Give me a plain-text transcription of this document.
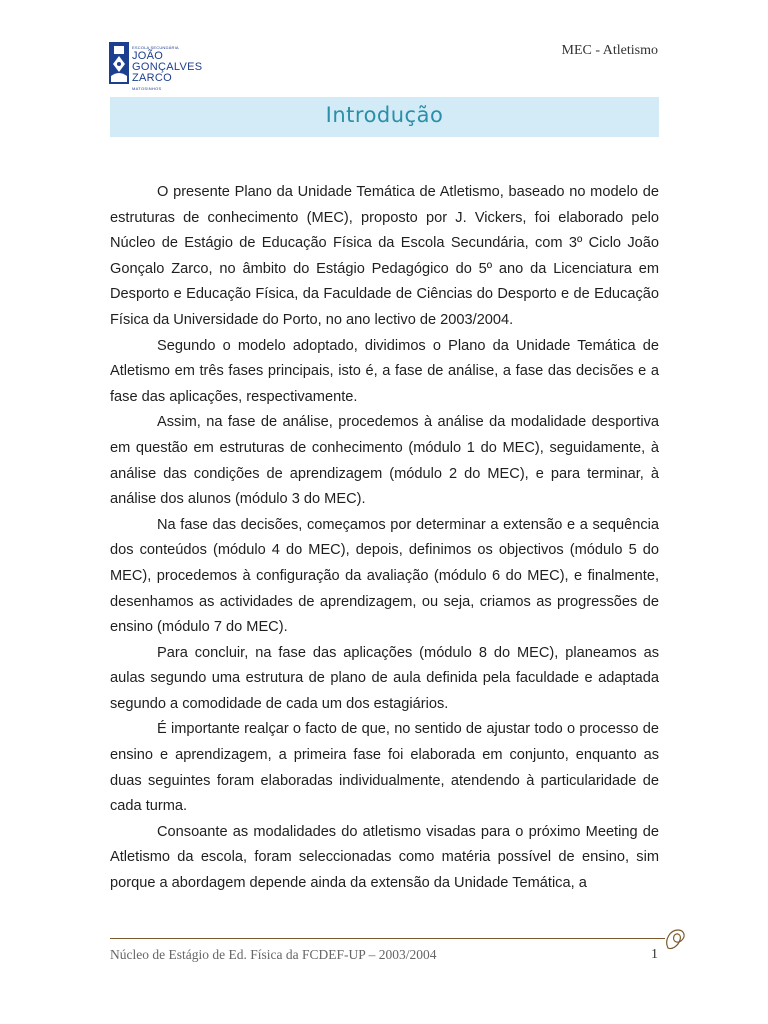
ESCOLA SECUNDÁRIA
JOÃO
GONÇALVES
ZARCO MATOSINHOS
MEC - Atletismo
Introdução

O presente Plano da Unidade Temática de Atletismo, baseado no modelo de estruturas de conhecimento (MEC), proposto por J. Vickers, foi elaborado pelo Núcleo de Estágio de Educação Física da Escola Secundária, com 3º Ciclo João Gonçalo Zarco, no âmbito do Estágio Pedagógico do 5º ano da Licenciatura em Desporto e Educação Física, da Faculdade de Ciências do Desporto e de Educação Física da Universidade do Porto, no ano lectivo de 2003/2004.

Segundo o modelo adoptado, dividimos o Plano da Unidade Temática de Atletismo em três fases principais, isto é, a fase de análise, a fase das decisões e a fase das aplicações, respectivamente.

Assim, na fase de análise, procedemos à análise da modalidade desportiva em questão em estruturas de conhecimento (módulo 1 do MEC), seguidamente, à análise das condições de aprendizagem (módulo 2 do MEC), e para terminar, à análise dos alunos (módulo 3 do MEC).

Na fase das decisões, começamos por determinar a extensão e a sequência dos conteúdos (módulo 4 do MEC), depois, definimos os objectivos (módulo 5 do MEC), procedemos à configuração da avaliação (módulo 6 do MEC), e finalmente, desenhamos as actividades de aprendizagem, ou seja, criamos as progressões de ensino (módulo 7 do MEC).

Para concluir, na fase das aplicações (módulo 8 do MEC), planeamos as aulas segundo uma estrutura de plano de aula definida pela faculdade e adaptada segundo a comodidade de cada um dos estagiários.

É importante realçar o facto de que, no sentido de ajustar todo o processo de ensino e aprendizagem, a primeira fase foi elaborada em conjunto, enquanto as duas seguintes foram elaboradas individualmente, atendendo à particularidade de cada turma.

Consoante as modalidades do atletismo visadas para o próximo Meeting de Atletismo da escola, foram seleccionadas como matéria possível de ensino, sim porque a abordagem depende ainda da extensão da Unidade Temática, a

Núcleo de Estágio de Ed. Física da FCDEF-UP – 2003/2004	1
